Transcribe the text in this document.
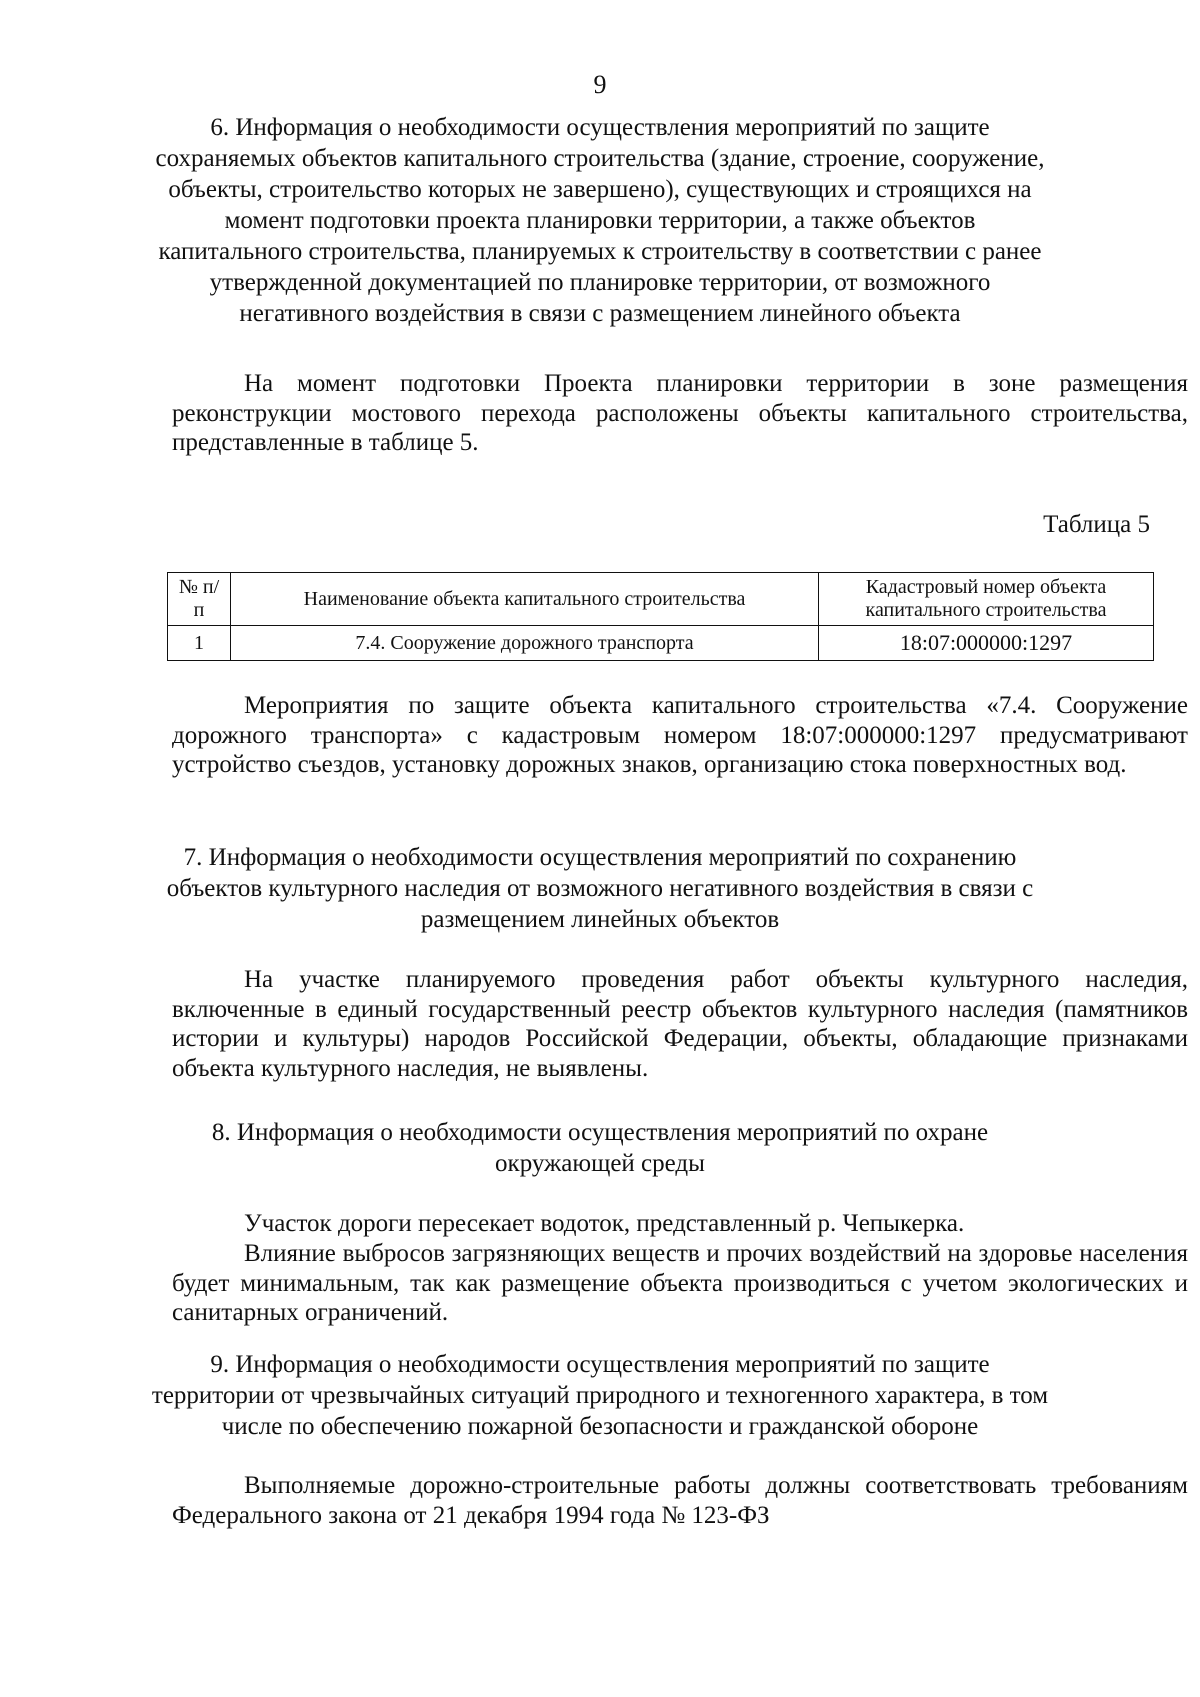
9
6. Информация о необходимости осуществления мероприятий по защите сохраняемых объектов капитального строительства (здание, строение, сооружение, объекты, строительство которых не завершено), существующих и строящихся на момент подготовки проекта планировки территории, а также объектов капитального строительства, планируемых к строительству в соответствии с ранее утвержденной документацией по планировке территории, от возможного негативного воздействия в связи с размещением линейного объекта
На момент подготовки Проекта планировки территории в зоне размещения реконструкции мостового перехода расположены объекты капитального строительства, представленные в таблице 5.
Таблица 5
№ п/п	Наименование объекта капитального строительства	Кадастровый номер объекта капитального строительства
1	7.4. Сооружение дорожного транспорта	18:07:000000:1297
Мероприятия по защите объекта капитального строительства «7.4. Сооружение дорожного транспорта» с кадастровым номером 18:07:000000:1297 предусматривают устройство съездов, установку дорожных знаков, организацию стока поверхностных вод.
7. Информация о необходимости осуществления мероприятий по сохранению объектов культурного наследия от возможного негативного воздействия в связи с размещением линейных объектов
На участке планируемого проведения работ объекты культурного наследия, включенные в единый государственный реестр объектов культурного наследия (памятников истории и культуры) народов Российской Федерации, объекты, обладающие признаками объекта культурного наследия, не выявлены.
8. Информация о необходимости осуществления мероприятий по охране окружающей среды
Участок дороги пересекает водоток, представленный р. Чепыкерка.
Влияние выбросов загрязняющих веществ и прочих воздействий на здоровье населения будет минимальным, так как размещение объекта производиться с учетом экологических и санитарных ограничений.
9. Информация о необходимости осуществления мероприятий по защите территории от чрезвычайных ситуаций природного и техногенного характера, в том числе по обеспечению пожарной безопасности и гражданской обороне
Выполняемые дорожно-строительные работы должны соответствовать требованиям Федерального закона от 21 декабря 1994 года № 123-ФЗ
